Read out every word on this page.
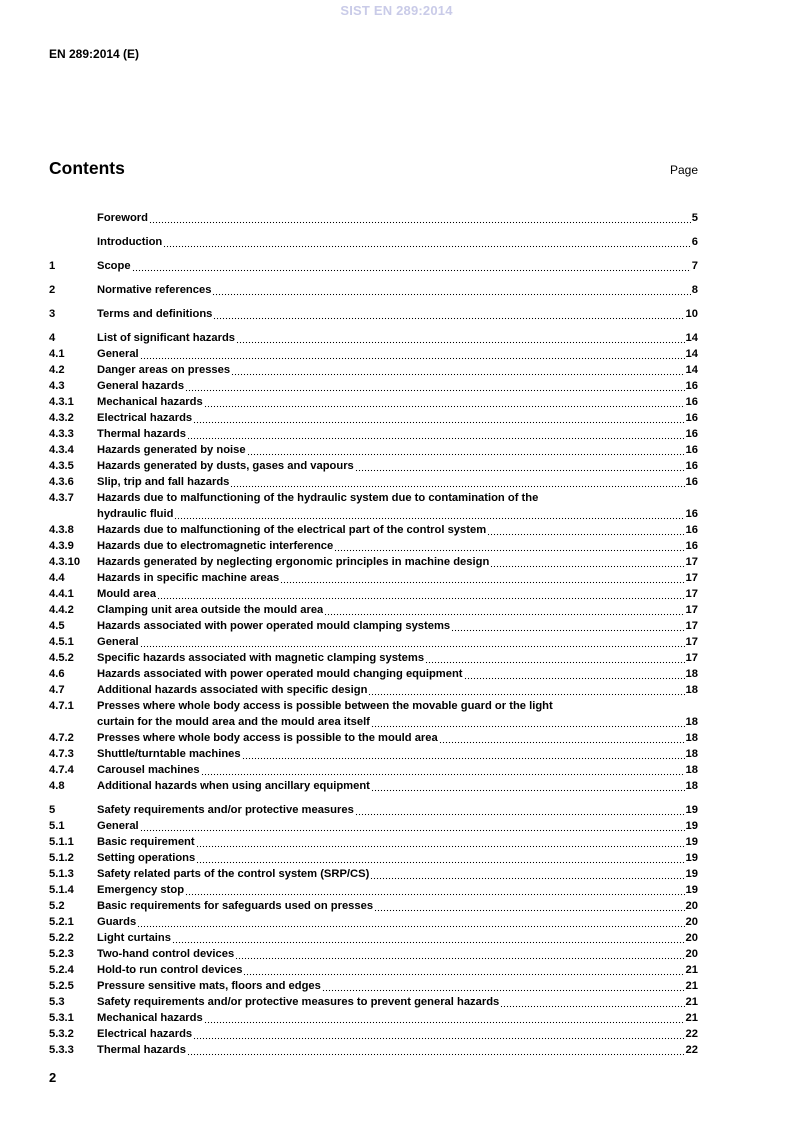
SIST EN 289:2014
EN 289:2014 (E)
Contents	Page
Foreword	5
Introduction	6
1	Scope	7
2	Normative references	8
3	Terms and definitions	10
4	List of significant hazards	14
4.1	General	14
4.2	Danger areas on presses	14
4.3	General hazards	16
4.3.1	Mechanical hazards	16
4.3.2	Electrical hazards	16
4.3.3	Thermal hazards	16
4.3.4	Hazards generated by noise	16
4.3.5	Hazards generated by dusts, gases and vapours	16
4.3.6	Slip, trip and fall hazards	16
4.3.7	Hazards due to malfunctioning of the hydraulic system due to contamination of the
hydraulic fluid	16
4.3.8	Hazards due to malfunctioning of the electrical part of the control system	16
4.3.9	Hazards due to electromagnetic interference	16
4.3.10	Hazards generated by neglecting ergonomic principles in machine design	17
4.4	Hazards in specific machine areas	17
4.4.1	Mould area	17
4.4.2	Clamping unit area outside the mould area	17
4.5	Hazards associated with power operated mould clamping systems	17
4.5.1	General	17
4.5.2	Specific hazards associated with magnetic clamping systems	17
4.6	Hazards associated with power operated mould changing equipment	18
4.7	Additional hazards associated with specific design	18
4.7.1	Presses where whole body access is possible between the movable guard or the light
curtain for the mould area and the mould area itself	18
4.7.2	Presses where whole body access is possible to the mould area	18
4.7.3	Shuttle/turntable machines	18
4.7.4	Carousel machines	18
4.8	Additional hazards when using ancillary equipment	18
5	Safety requirements and/or protective measures	19
5.1	General	19
5.1.1	Basic requirement	19
5.1.2	Setting operations	19
5.1.3	Safety related parts of the control system (SRP/CS)	19
5.1.4	Emergency stop	19
5.2	Basic requirements for safeguards used on presses	20
5.2.1	Guards	20
5.2.2	Light curtains	20
5.2.3	Two-hand control devices	20
5.2.4	Hold-to run control devices	21
5.2.5	Pressure sensitive mats, floors and edges	21
5.3	Safety requirements and/or protective measures to prevent general hazards	21
5.3.1	Mechanical hazards	21
5.3.2	Electrical hazards	22
5.3.3	Thermal hazards	22
2
